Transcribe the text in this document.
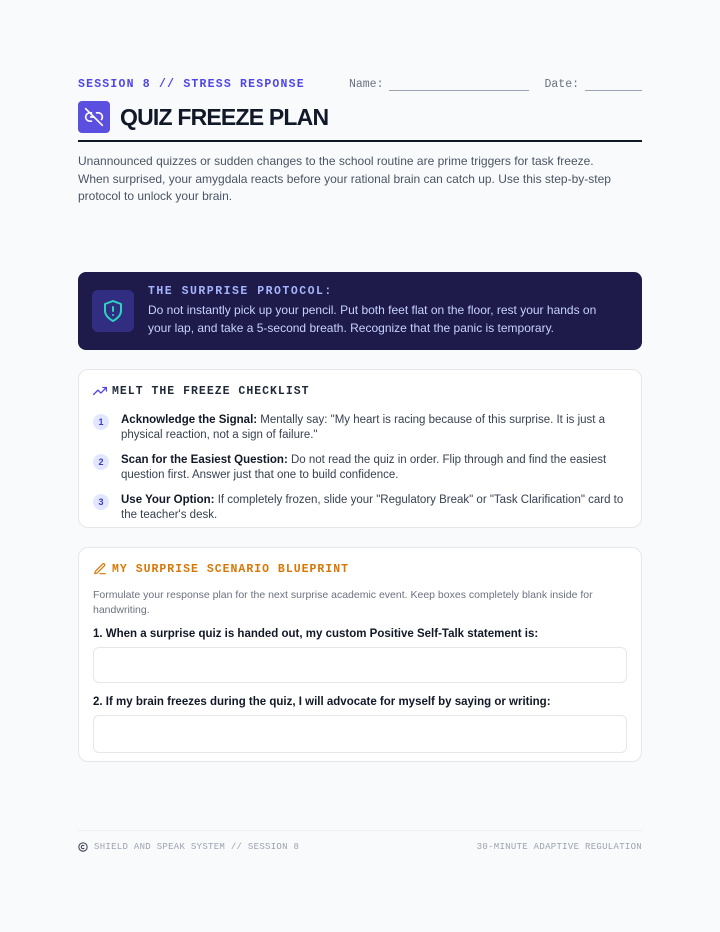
SESSION 8 // STRESS RESPONSE	Name:	Date:
QUIZ FREEZE PLAN

Unannounced quizzes or sudden changes to the school routine are prime triggers for task freeze. When surprised, your amygdala reacts before your rational brain can catch up. Use this step-by-step protocol to unlock your brain.

THE SURPRISE PROTOCOL:
Do not instantly pick up your pencil. Put both feet flat on the floor, rest your hands on your lap, and take a 5-second breath. Recognize that the panic is temporary.
MELT THE FREEZE CHECKLIST
1	Acknowledge the Signal: Mentally say: "My heart is racing because of this surprise. It is just a physical reaction, not a sign of failure."
2	Scan for the Easiest Question: Do not read the quiz in order. Flip through and find the easiest question first. Answer just that one to build confidence.
3	Use Your Option: If completely frozen, slide your "Regulatory Break" or "Task Clarification" card to the teacher's desk.
MY SURPRISE SCENARIO BLUEPRINT

Formulate your response plan for the next surprise academic event. Keep boxes completely blank inside for handwriting.

1. When a surprise quiz is handed out, my custom Positive Self-Talk statement is:
2. If my brain freezes during the quiz, I will advocate for myself by saying or writing:
SHIELD AND SPEAK SYSTEM // SESSION 8	30-MINUTE ADAPTIVE REGULATION
